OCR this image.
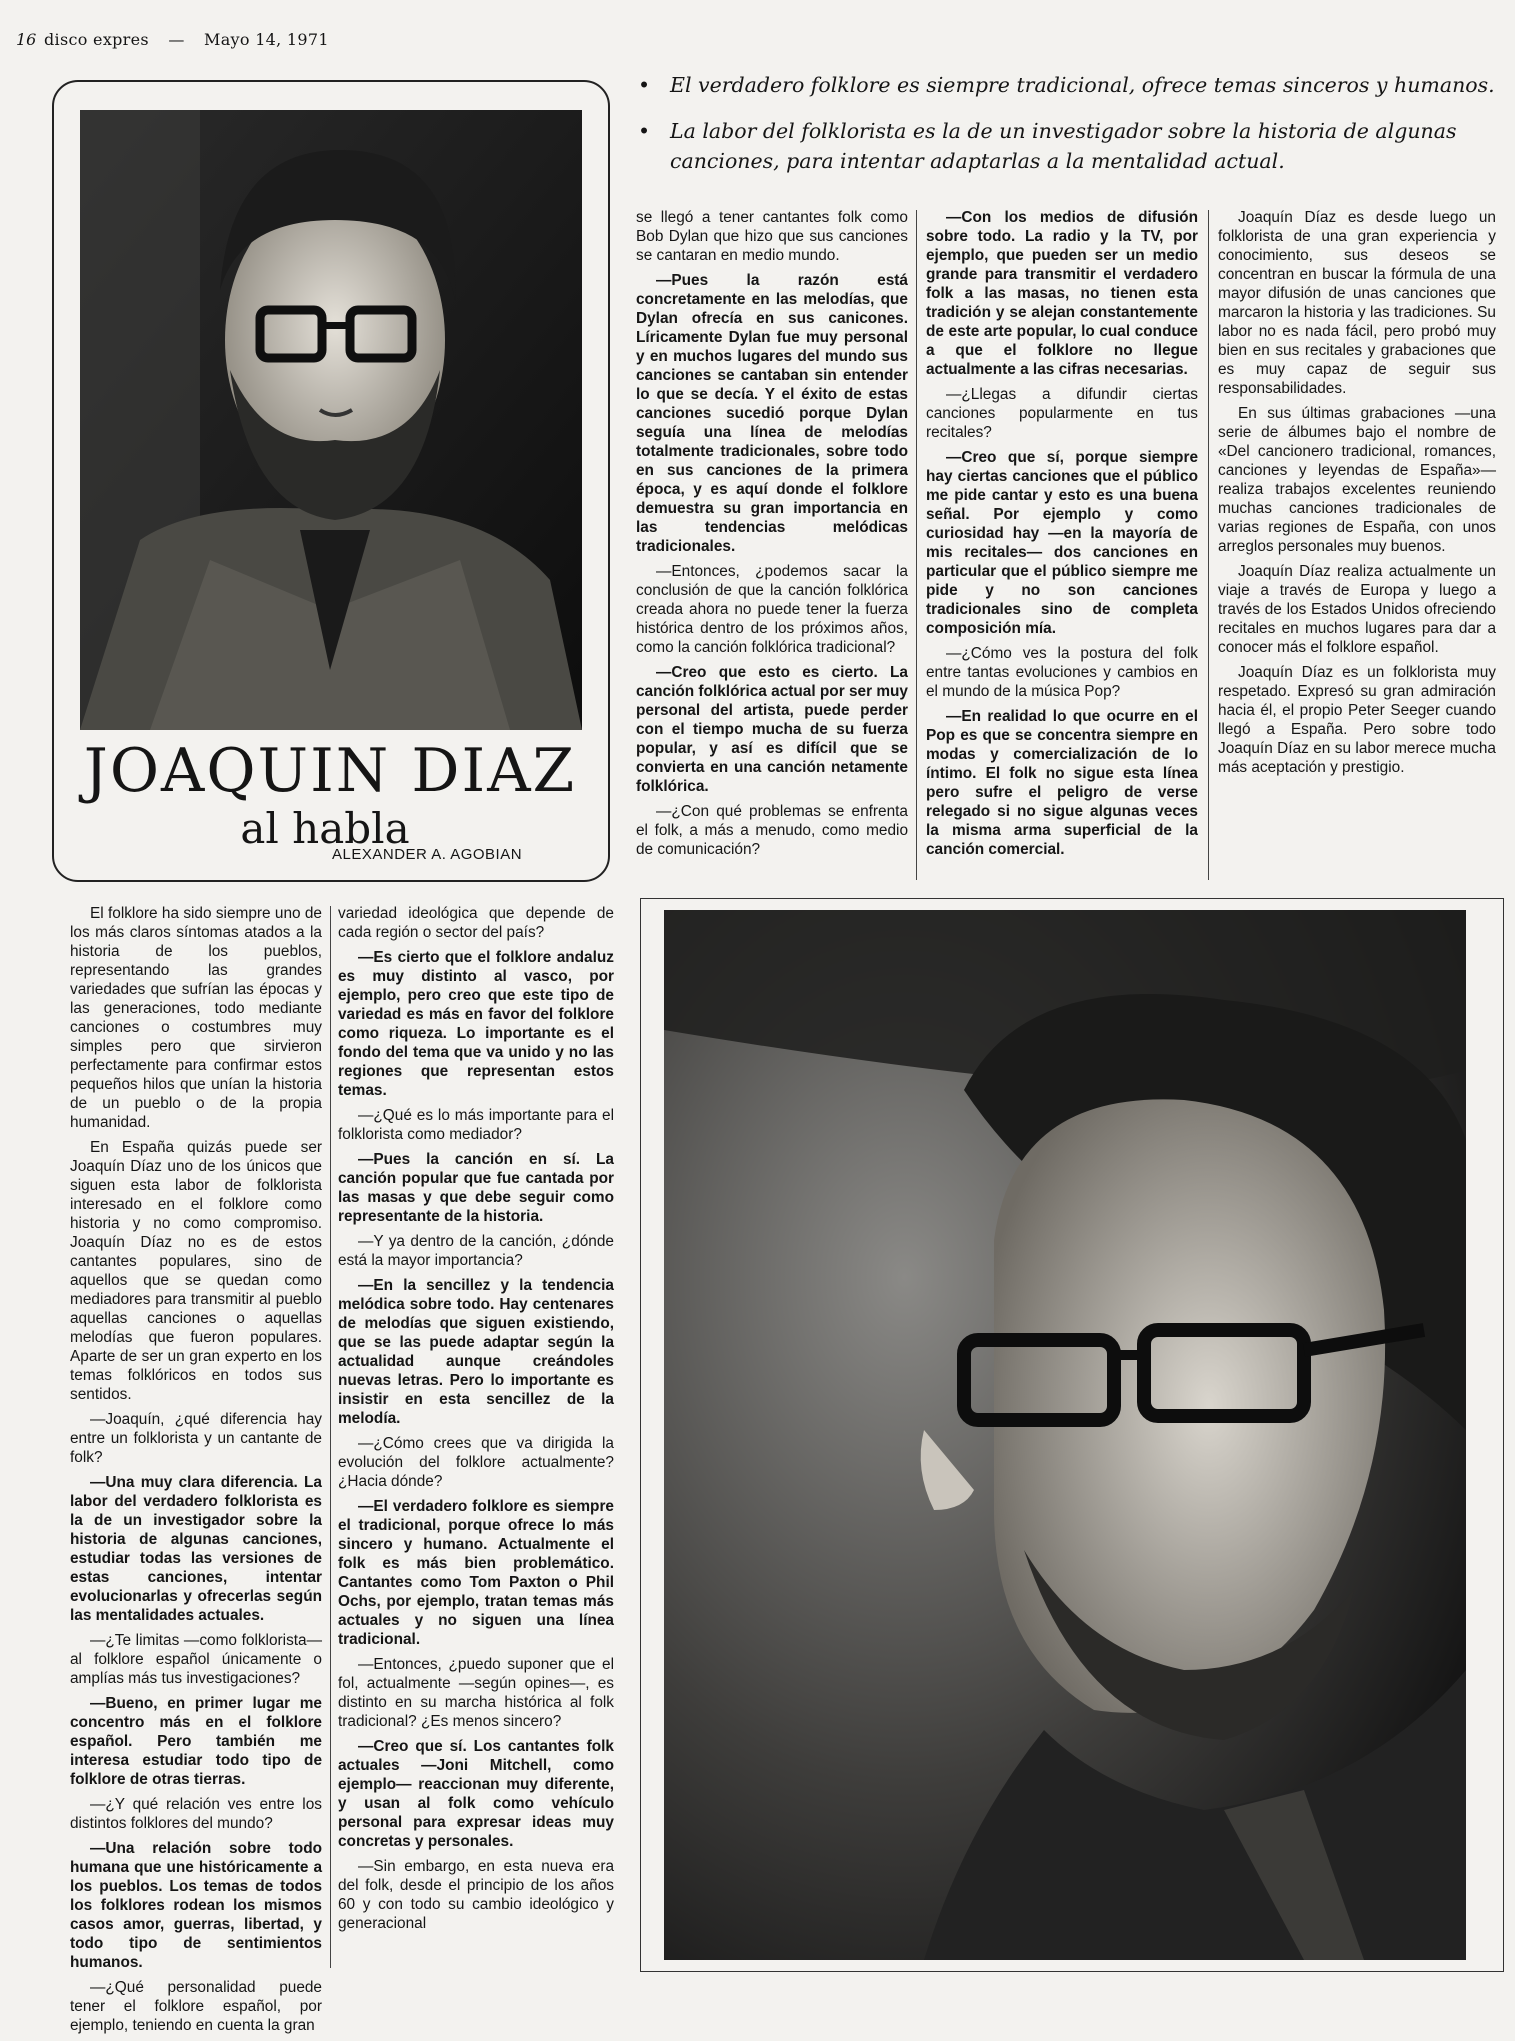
16 disco expres — Mayo 14, 1971
JOAQUIN DIAZ
al habla
ALEXANDER A. AGOBIAN
• El verdadero folklore es siempre tradicional, ofrece temas sinceros y humanos.
• La labor del folklorista es la de un investigador sobre la historia de algunas canciones, para intentar adaptarlas a la mentalidad actual.

se llegó a tener cantantes folk como Bob Dylan que hizo que sus canciones se cantaran en medio mundo.

—Pues la razón está concretamente en las melodías, que Dylan ofrecía en sus canicones. Líricamente Dylan fue muy personal y en muchos lugares del mundo sus canciones se cantaban sin entender lo que se decía. Y el éxito de estas canciones sucedió porque Dylan seguía una línea de melodías totalmente tradicionales, sobre todo en sus canciones de la primera época, y es aquí donde el folklore demuestra su gran importancia en las tendencias melódicas tradicionales.

—Entonces, ¿podemos sacar la conclusión de que la canción folklórica creada ahora no puede tener la fuerza histórica dentro de los próximos años, como la canción folklórica tradicional?

—Creo que esto es cierto. La canción folklórica actual por ser muy personal del artista, puede perder con el tiempo mucha de su fuerza popular, y así es difícil que se convierta en una canción netamente folklórica.

—¿Con qué problemas se enfrenta el folk, a más a menudo, como medio de comunicación?

—Con los medios de difusión sobre todo. La radio y la TV, por ejemplo, que pueden ser un medio grande para transmitir el verdadero folk a las masas, no tienen esta tradición y se alejan constantemente de este arte popular, lo cual conduce a que el folklore no llegue actualmente a las cifras necesarias.

—¿Llegas a difundir ciertas canciones popularmente en tus recitales?

—Creo que sí, porque siempre hay ciertas canciones que el público me pide cantar y esto es una buena señal. Por ejemplo y como curiosidad hay —en la mayoría de mis recitales— dos canciones en particular que el público siempre me pide y no son canciones tradicionales sino de completa composición mía.

—¿Cómo ves la postura del folk entre tantas evoluciones y cambios en el mundo de la música Pop?

—En realidad lo que ocurre en el Pop es que se concentra siempre en modas y comercialización de lo íntimo. El folk no sigue esta línea pero sufre el peligro de verse relegado si no sigue algunas veces la misma arma superficial de la canción comercial.

Joaquín Díaz es desde luego un folklorista de una gran experiencia y conocimiento, sus deseos se concentran en buscar la fórmula de una mayor difusión de unas canciones que marcaron la historia y las tradiciones. Su labor no es nada fácil, pero probó muy bien en sus recitales y grabaciones que es muy capaz de seguir sus responsabilidades.

En sus últimas grabaciones —una serie de álbumes bajo el nombre de «Del cancionero tradicional, romances, canciones y leyendas de España»— realiza trabajos excelentes reuniendo muchas canciones tradicionales de varias regiones de España, con unos arreglos personales muy buenos.

Joaquín Díaz realiza actualmente un viaje a través de Europa y luego a través de los Estados Unidos ofreciendo recitales en muchos lugares para dar a conocer más el folklore español.

Joaquín Díaz es un folklorista muy respetado. Expresó su gran admiración hacia él, el propio Peter Seeger cuando llegó a España. Pero sobre todo Joaquín Díaz en su labor merece mucha más aceptación y prestigio.

El folklore ha sido siempre uno de los más claros síntomas atados a la historia de los pueblos, representando las grandes variedades que sufrían las épocas y las generaciones, todo mediante canciones o costumbres muy simples pero que sirvieron perfectamente para confirmar estos pequeños hilos que unían la historia de un pueblo o de la propia humanidad.

En España quizás puede ser Joaquín Díaz uno de los únicos que siguen esta labor de folklorista interesado en el folklore como historia y no como compromiso. Joaquín Díaz no es de estos cantantes populares, sino de aquellos que se quedan como mediadores para transmitir al pueblo aquellas canciones o aquellas melodías que fueron populares. Aparte de ser un gran experto en los temas folklóricos en todos sus sentidos.

—Joaquín, ¿qué diferencia hay entre un folklorista y un cantante de folk?

—Una muy clara diferencia. La labor del verdadero folklorista es la de un investigador sobre la historia de algunas canciones, estudiar todas las versiones de estas canciones, intentar evolucionarlas y ofrecerlas según las mentalidades actuales.

—¿Te limitas —como folklorista— al folklore español únicamente o amplías más tus investigaciones?

—Bueno, en primer lugar me concentro más en el folklore español. Pero también me interesa estudiar todo tipo de folklore de otras tierras.

—¿Y qué relación ves entre los distintos folklores del mundo?

—Una relación sobre todo humana que une históricamente a los pueblos. Los temas de todos los folklores rodean los mismos casos amor, guerras, libertad, y todo tipo de sentimientos humanos.

—¿Qué personalidad puede tener el folklore español, por ejemplo, teniendo en cuenta la gran

variedad ideológica que depende de cada región o sector del país?

—Es cierto que el folklore andaluz es muy distinto al vasco, por ejemplo, pero creo que este tipo de variedad es más en favor del folklore como riqueza. Lo importante es el fondo del tema que va unido y no las regiones que representan estos temas.

—¿Qué es lo más importante para el folklorista como mediador?

—Pues la canción en sí. La canción popular que fue cantada por las masas y que debe seguir como representante de la historia.

—Y ya dentro de la canción, ¿dónde está la mayor importancia?

—En la sencillez y la tendencia melódica sobre todo. Hay centenares de melodías que siguen existiendo, que se las puede adaptar según la actualidad aunque creándoles nuevas letras. Pero lo importante es insistir en esta sencillez de la melodía.

—¿Cómo crees que va dirigida la evolución del folklore actualmente? ¿Hacia dónde?

—El verdadero folklore es siempre el tradicional, porque ofrece lo más sincero y humano. Actualmente el folk es más bien problemático. Cantantes como Tom Paxton o Phil Ochs, por ejemplo, tratan temas más actuales y no siguen una línea tradicional.

—Entonces, ¿puedo suponer que el fol, actualmente —según opines—, es distinto en su marcha histórica al folk tradicional? ¿Es menos sincero?

—Creo que sí. Los cantantes folk actuales —Joni Mitchell, como ejemplo— reaccionan muy diferente, y usan al folk como vehículo personal para expresar ideas muy concretas y personales.

—Sin embargo, en esta nueva era del folk, desde el principio de los años 60 y con todo su cambio ideológico y generacional
